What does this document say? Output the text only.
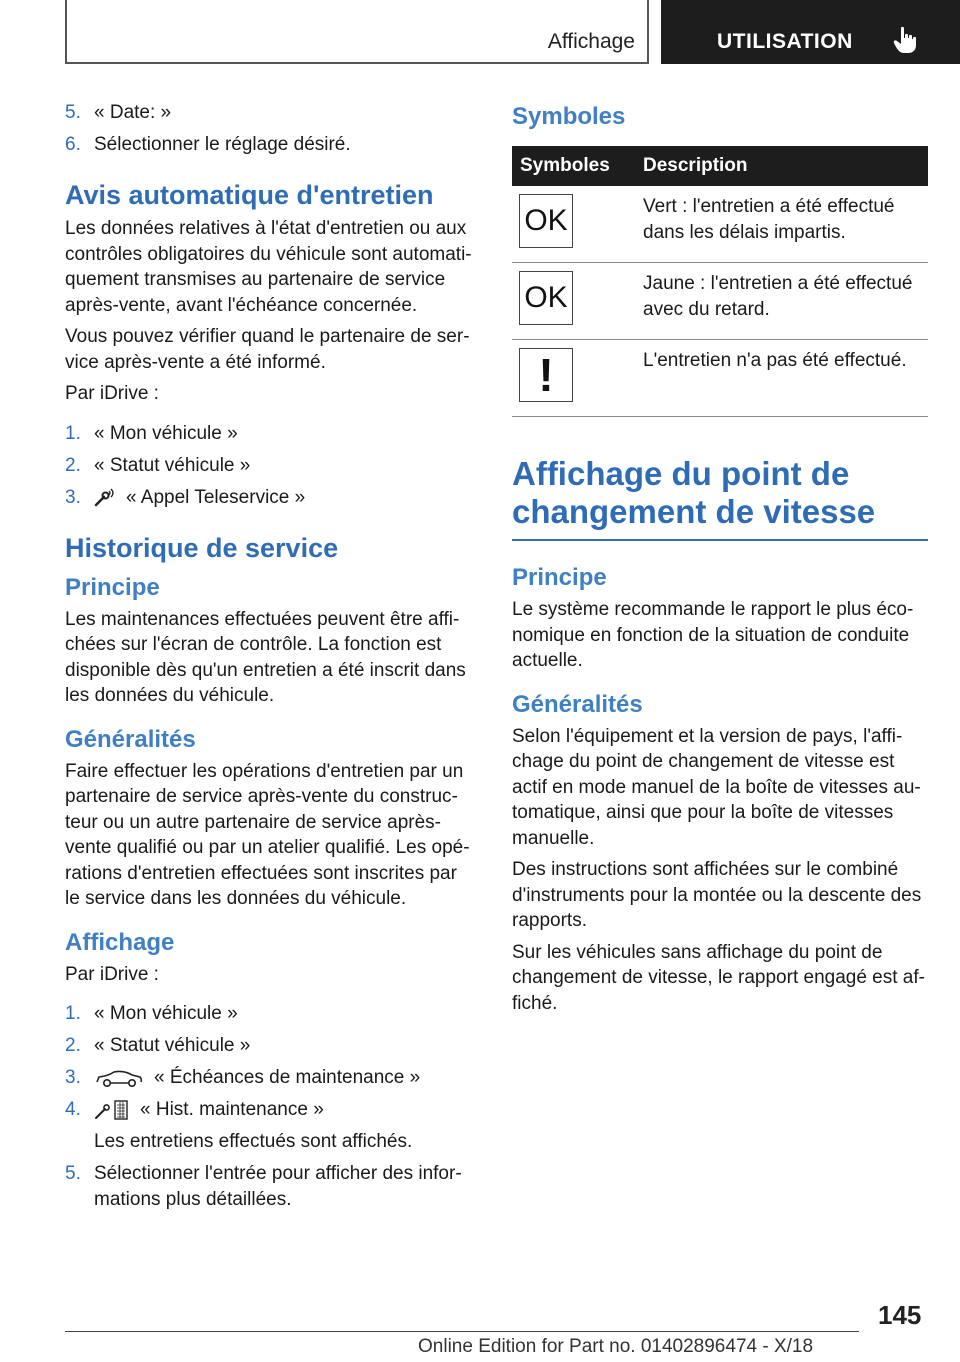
Affichage	UTILISATION
5. « Date: »
6. Sélectionner le réglage désiré.
Avis automatique d'entretien

Les données relatives à l'état d'entretien ou aux contrôles obligatoires du véhicule sont automati‐quement transmises au partenaire de service après-vente, avant l'échéance concernée.

Vous pouvez vérifier quand le partenaire de ser‐vice après-vente a été informé.

Par iDrive :

1. « Mon véhicule »
2. « Statut véhicule »
3. « Appel Teleservice »
Historique de service
Principe

Les maintenances effectuées peuvent être affi‐chées sur l'écran de contrôle. La fonction est disponible dès qu'un entretien a été inscrit dans les données du véhicule.

Généralités

Faire effectuer les opérations d'entretien par un partenaire de service après-vente du construc‐teur ou un autre partenaire de service après-vente qualifié ou par un atelier qualifié. Les opé‐rations d'entretien effectuées sont inscrites par le service dans les données du véhicule.

Affichage

Par iDrive :

1. « Mon véhicule »
2. « Statut véhicule »
3.	« Échéances de maintenance »
4.	« Hist. maintenance »
Les entretiens effectués sont affichés.
5. Sélectionner l'entrée pour afficher des infor‐mations plus détaillées.
Symboles
Symboles	Description

OK	Vert : l'entretien a été effectué dans les délais impartis.

OK	Jaune : l'entretien a été effectué avec du retard.

!	L'entretien n'a pas été effectué.
Affichage du point de changement de vitesse
Principe

Le système recommande le rapport le plus éco‐nomique en fonction de la situation de conduite actuelle.

Généralités

Selon l'équipement et la version de pays, l'affi‐chage du point de changement de vitesse est actif en mode manuel de la boîte de vitesses au‐tomatique, ainsi que pour la boîte de vitesses manuelle.

Des instructions sont affichées sur le combiné d'instruments pour la montée ou la descente des rapports.

Sur les véhicules sans affichage du point de changement de vitesse, le rapport engagé est af‐fiché.

145
Online Edition for Part no. 01402896474 - X/18
